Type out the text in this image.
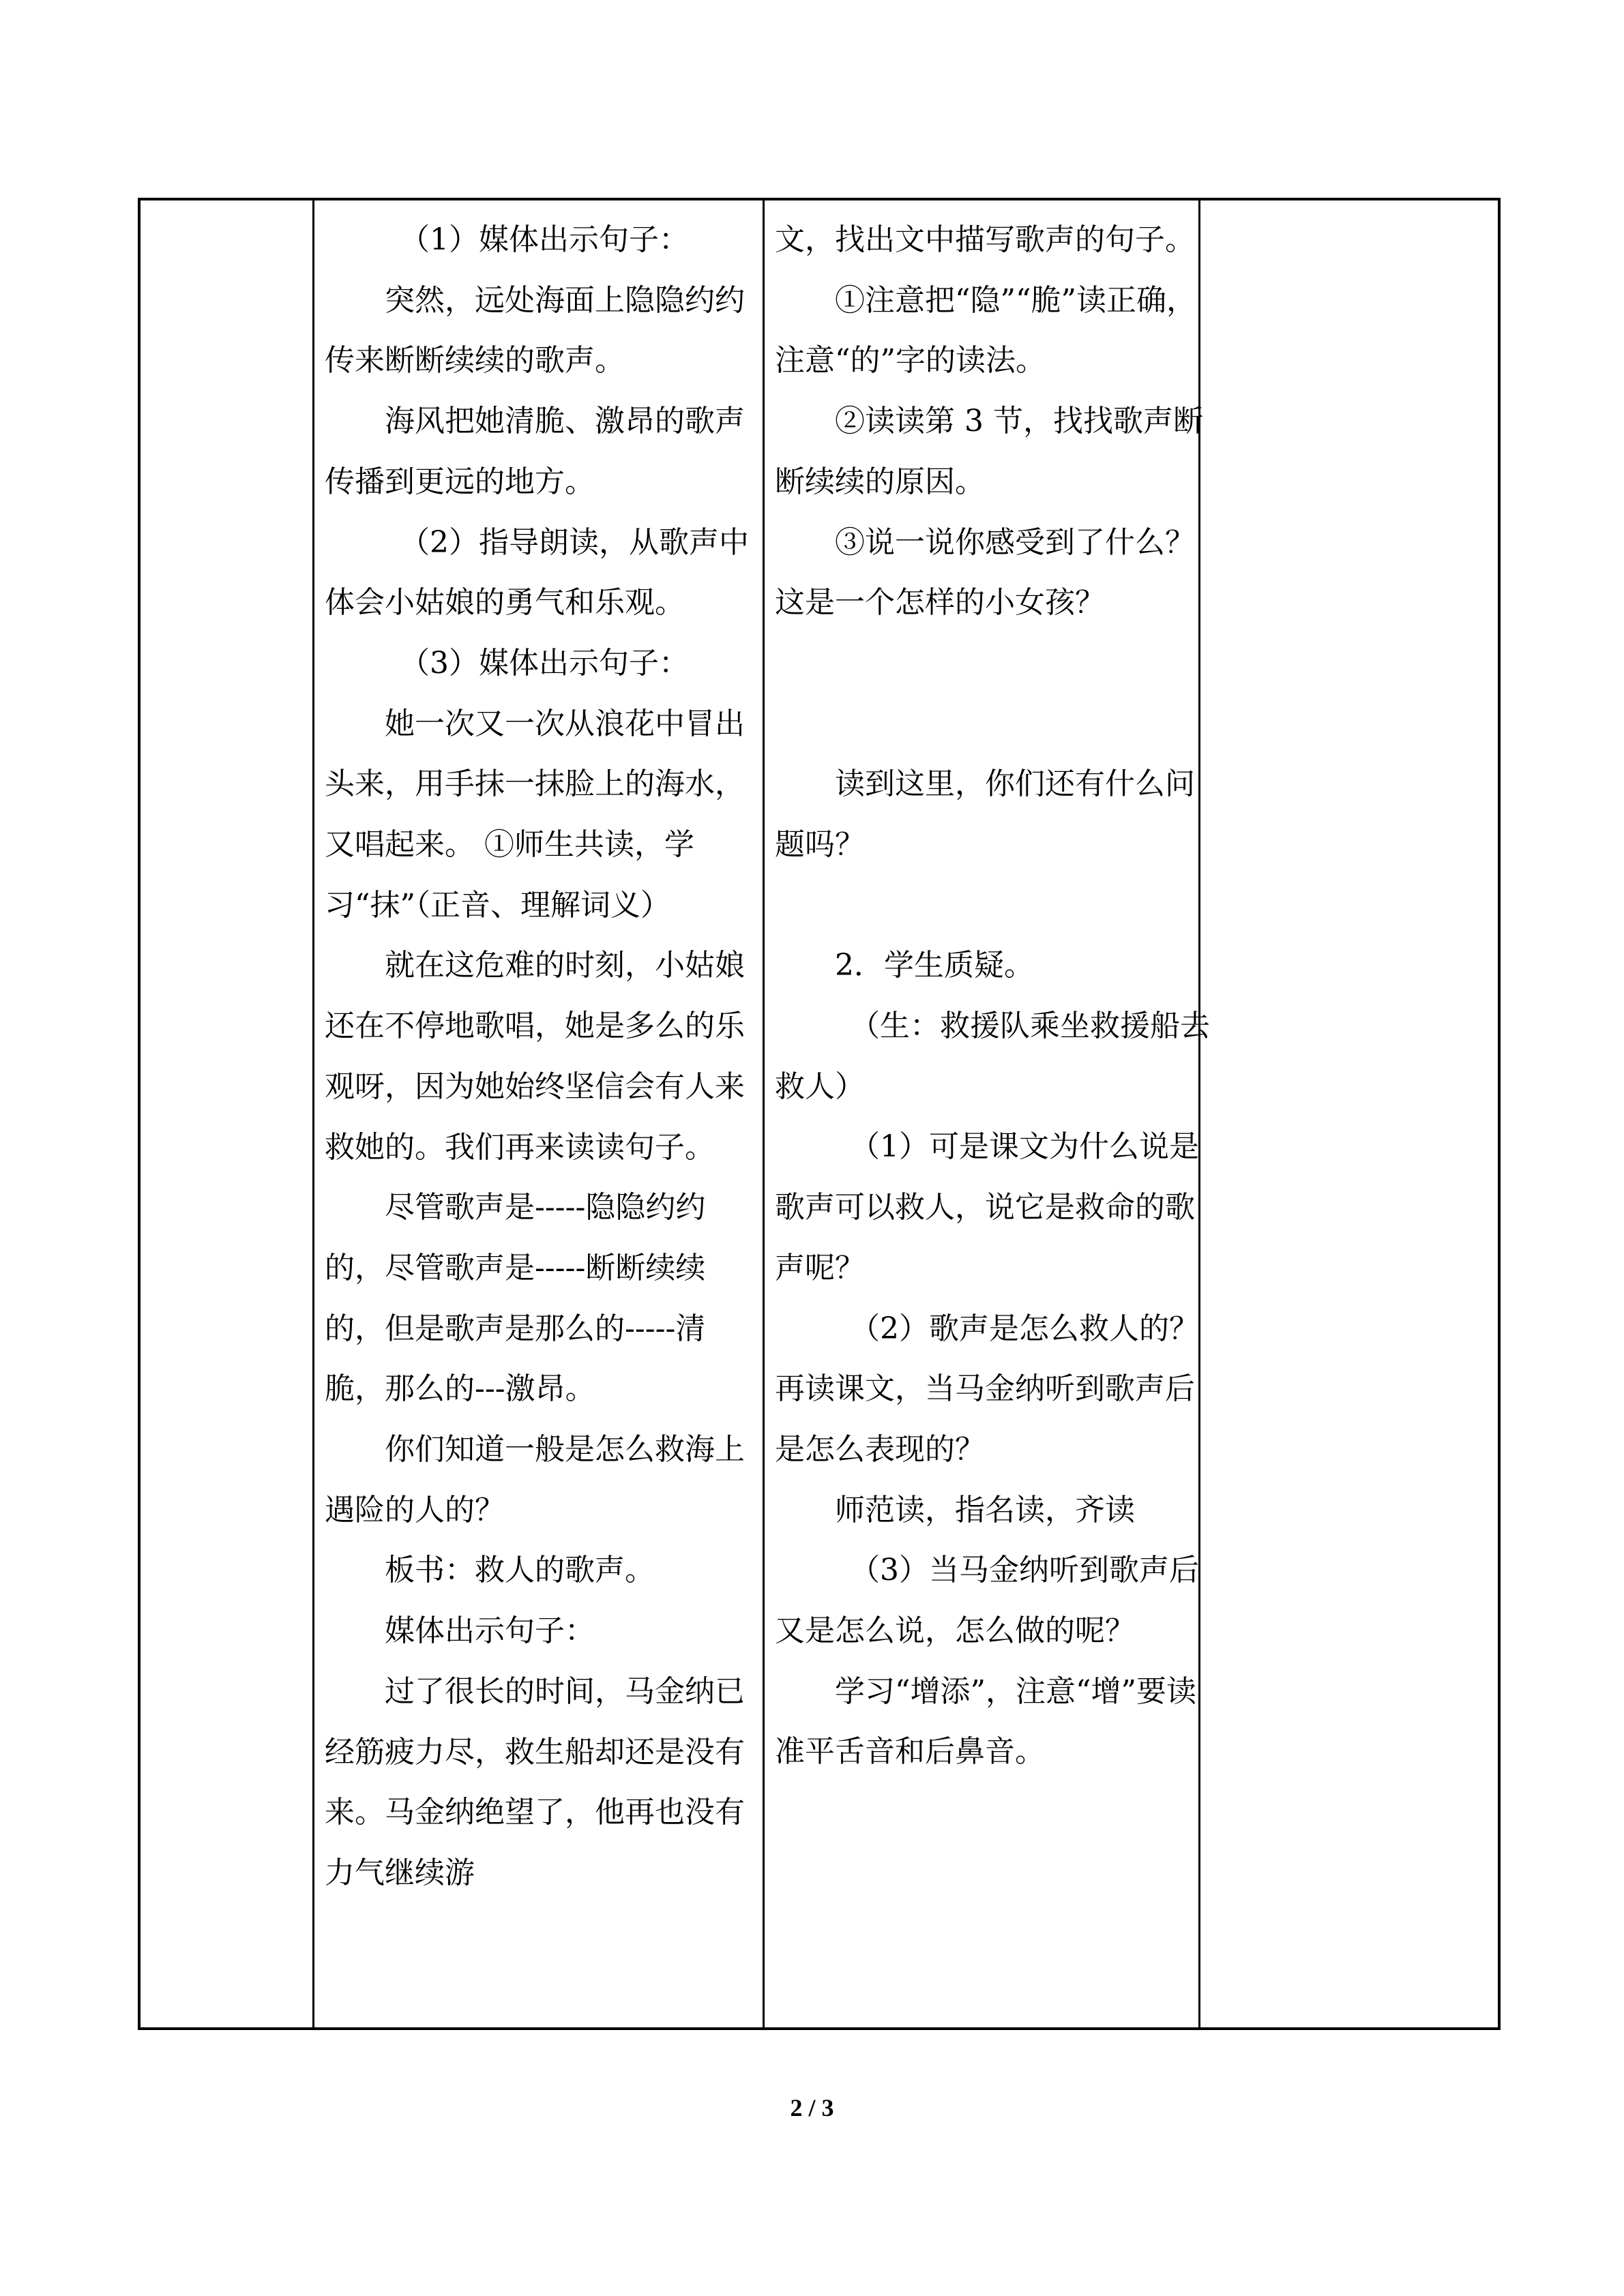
（1）媒体出示句子：

突然，远处海面上隐隐约约传来断断续续的歌声。

海风把她清脆、激昂的歌声传播到更远的地方。

（2）指导朗读，从歌声中体会小姑娘的勇气和乐观。

（3）媒体出示句子：

她一次又一次从浪花中冒出头来，用手抹一抹脸上的海水，又唱起来。 ①师生共读，学习“抹”（正音、理解词义）

就在这危难的时刻，小姑娘还在不停地歌唱，她是多么的乐观呀，因为她始终坚信会有人来救她的。我们再来读读句子。

尽管歌声是-----隐隐约约的，尽管歌声是-----断断续续的，但是歌声是那么的-----清脆，那么的---激昂。

你们知道一般是怎么救海上遇险的人的？

板书：救人的歌声。

媒体出示句子：

过了很长的时间，马金纳已经筋疲力尽，救生船却还是没有来。马金纳绝望了，他再也没有力气继续游

文，找出文中描写歌声的句子。

①注意把“隐”“脆”读正确，注意“的”字的读法。

②读读第 3 节，找找歌声断断续续的原因。

③说一说你感受到了什么？这是一个怎样的小女孩？

读到这里，你们还有什么问题吗？

2．学生质疑。

（生：救援队乘坐救援船去救人）

（1）可是课文为什么说是歌声可以救人，说它是救命的歌声呢？

（2）歌声是怎么救人的？再读课文，当马金纳听到歌声后是怎么表现的？

师范读，指名读，齐读

（3）当马金纳听到歌声后又是怎么说，怎么做的呢？

学习“增添”，注意“增”要读准平舌音和后鼻音。

2 / 3
